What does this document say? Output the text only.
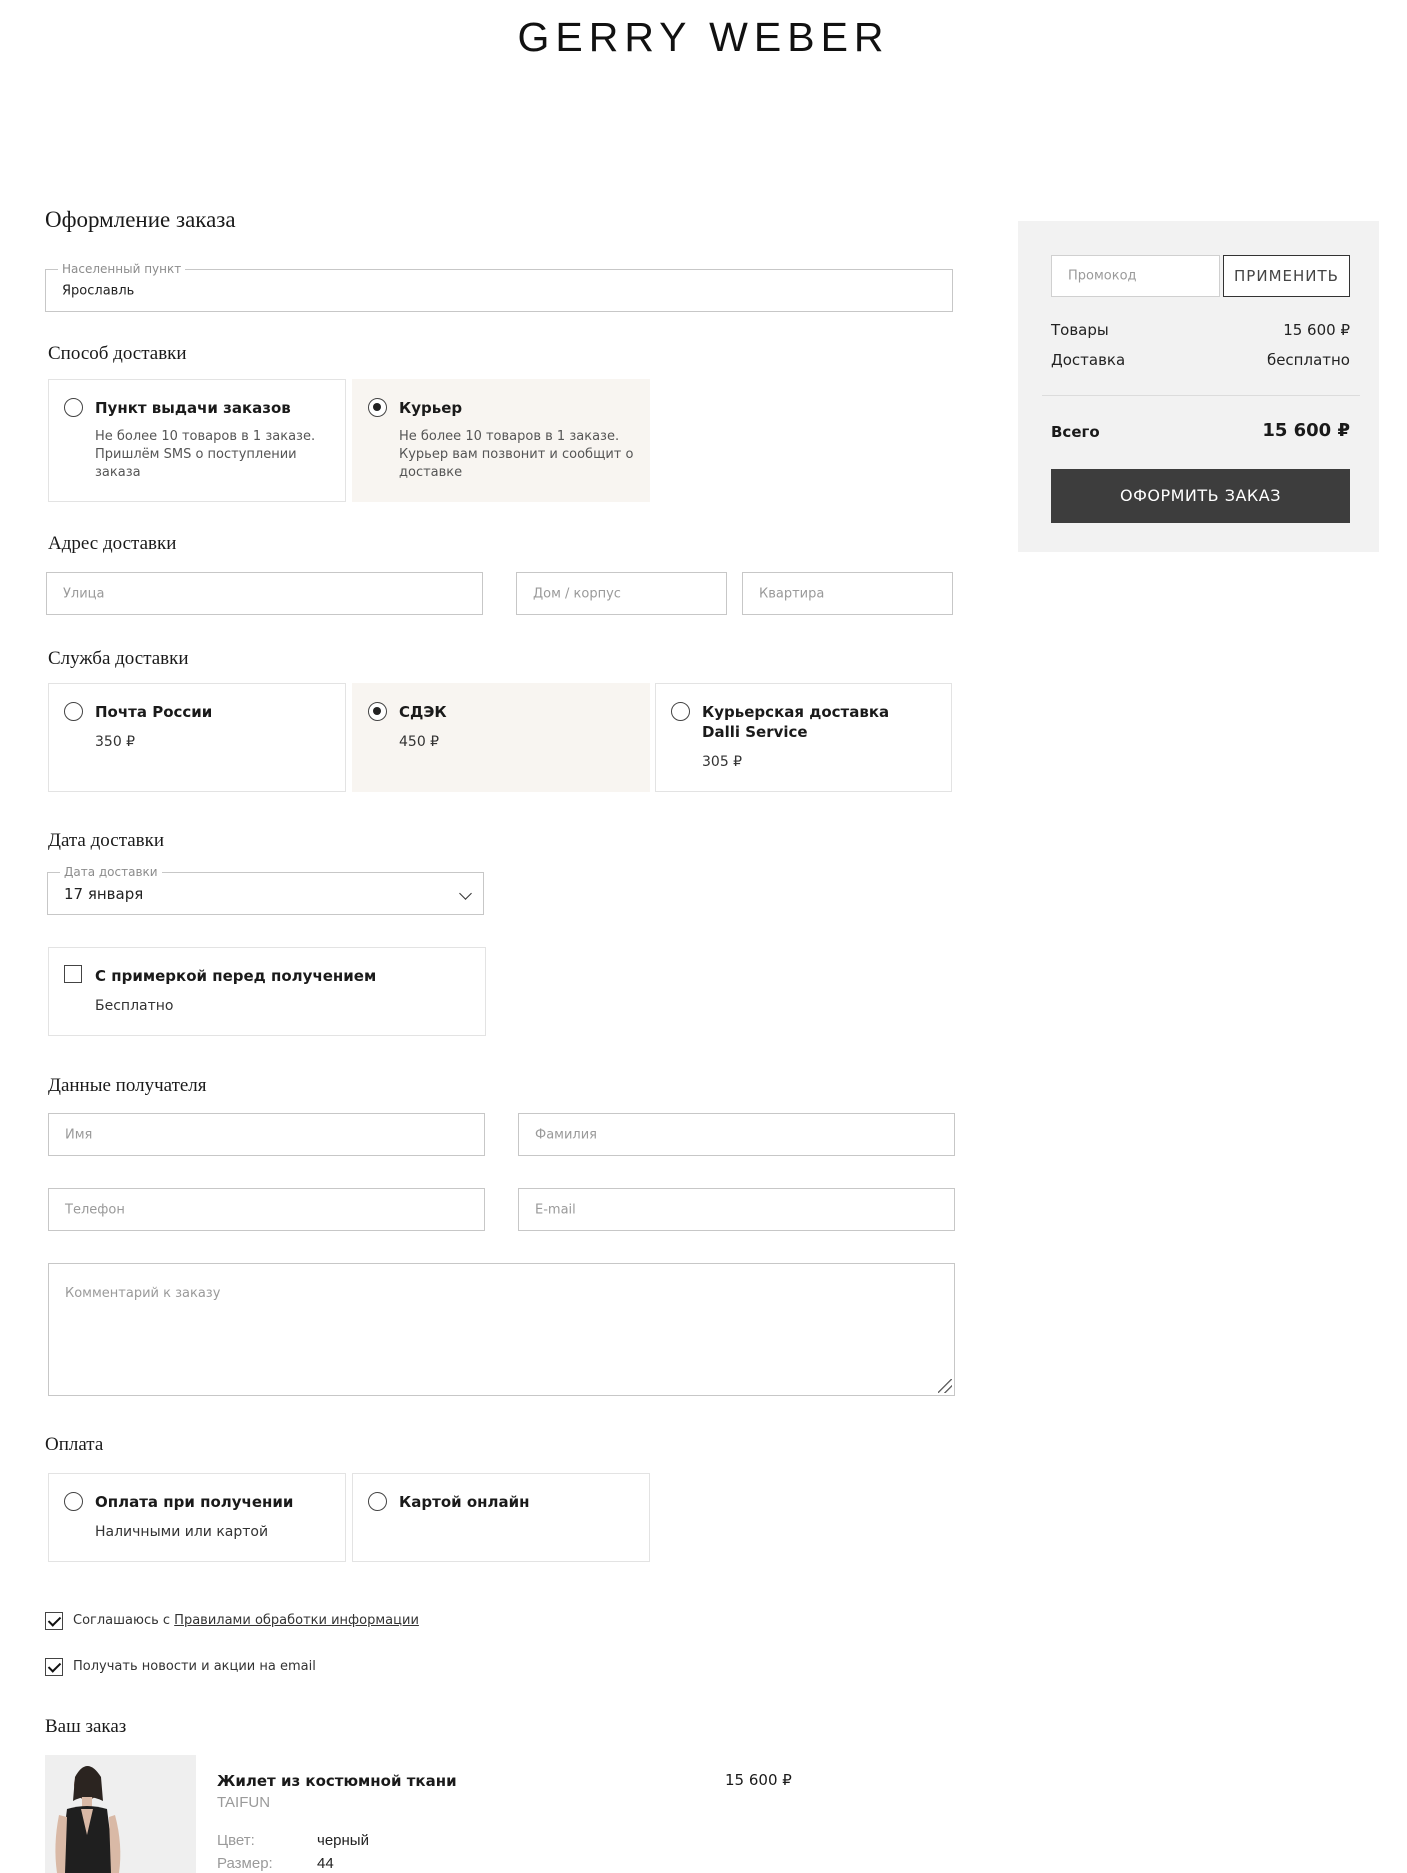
GERRY WEBER
Оформление заказа
Населенный пункт
Ярославль
Способ доставки
Пункт выдачи заказов
Не более 10 товаров в 1 заказе.
Пришлём SMS о поступлении
заказа
Курьер
Не более 10 товаров в 1 заказе.
Курьер вам позвонит и сообщит о
доставке
Адрес доставки
Улица	Дом / корпус	Квартира
Служба доставки
Почта России
350 ₽
СДЭК
450 ₽
Курьерская доставка
Dalli Service
305 ₽
Дата доставки
Дата доставки
17 января
С примеркой перед получением
Бесплатно
Данные получателя
Имя	Фамилия
Телефон	E-mail
Комментарий к заказу
Оплата
Оплата при получении
Наличными или картой
Картой онлайн
Соглашаюсь с Правилами обработки информации
Получать новости и акции на email
Ваш заказ
Жилет из костюмной ткани
TAIFUN
Цвет:	черный
Размер:	44
15 600 ₽
Промокод	ПРИМЕНИТЬ
Товары	15 600 ₽
Доставка	бесплатно
Всего	15 600 ₽
ОФОРМИТЬ ЗАКАЗ
